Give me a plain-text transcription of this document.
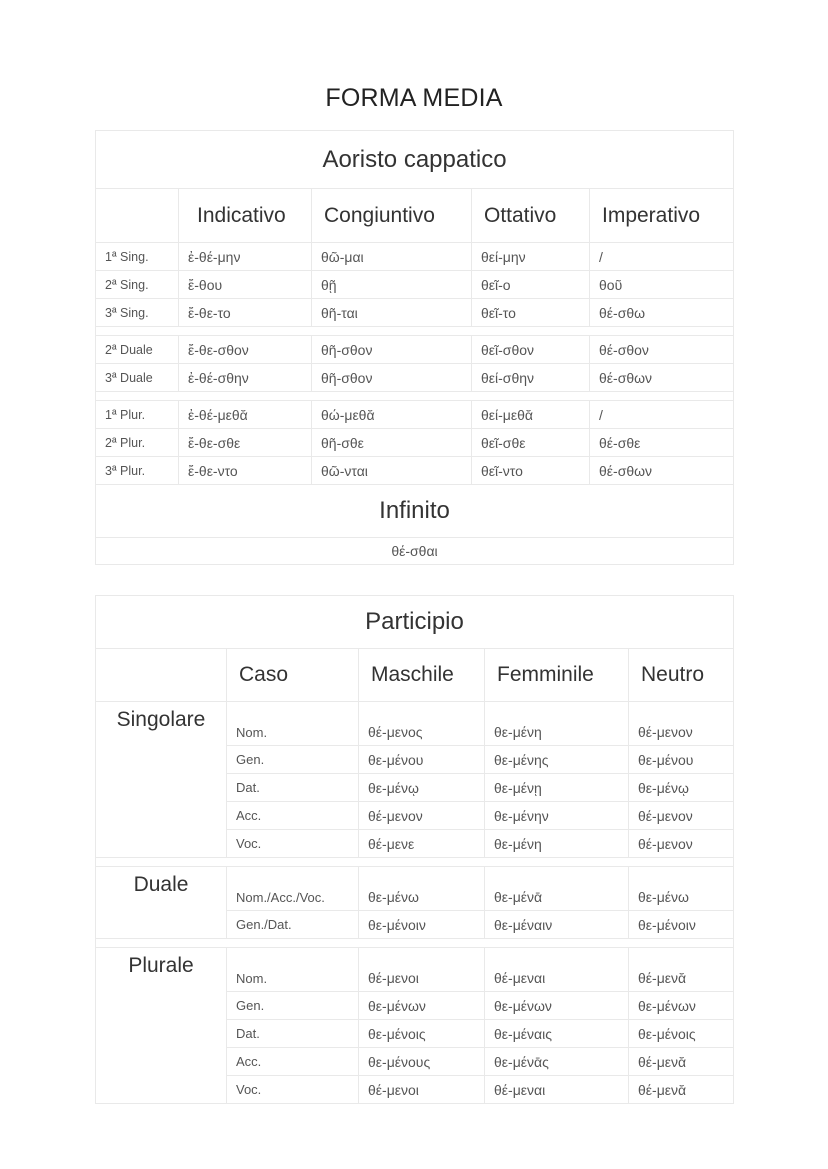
FORMA MEDIA
Aoristo cappatico				
	Indicativo	Congiuntivo	Ottativo	Imperativo
1ª Sing.	ἐ-θέ-μην	θῶ-μαι	θεί-μην	/
2ª Sing.	ἔ-θου	θῇ	θεῖ-ο	θοῦ
3ª Sing.	ἔ-θε-το	θῆ-ται	θεῖ-το	θέ-σθω

2ª Duale	ἔ-θε-σθον	θῆ-σθον	θεῖ-σθον	θέ-σθον
3ª Duale	ἐ-θέ-σθην	θῆ-σθον	θεί-σθην	θέ-σθων

1ª Plur.	ἐ-θέ-μεθᾰ	θώ-μεθᾰ	θεί-μεθᾰ	/
2ª Plur.	ἔ-θε-σθε	θῆ-σθε	θεῖ-σθε	θέ-σθε
3ª Plur.	ἔ-θε-ντο	θῶ-νται	θεῖ-ντο	θέ-σθων
Infinito				
θέ-σθαι				
Participio				
	Caso	Maschile	Femminile	Neutro
Singolare	Nom.	θέ-μενος	θε-μένη	θέ-μενον
	Gen.	θε-μένου	θε-μένης	θε-μένου
	Dat.	θε-μένῳ	θε-μένῃ	θε-μένῳ
	Acc.	θέ-μενον	θε-μένην	θέ-μενον
	Voc.	θέ-μενε	θε-μένη	θέ-μενον

Duale	Nom./Acc./Voc.	θε-μένω	θε-μένᾱ	θε-μένω
	Gen./Dat.	θε-μένοιν	θε-μέναιν	θε-μένοιν

Plurale	Nom.	θέ-μενοι	θέ-μεναι	θέ-μενᾰ
	Gen.	θε-μένων	θε-μένων	θε-μένων
	Dat.	θε-μένοις	θε-μέναις	θε-μένοις
	Acc.	θε-μένους	θε-μένᾱς	θέ-μενᾰ
	Voc.	θέ-μενοι	θέ-μεναι	θέ-μενᾰ
